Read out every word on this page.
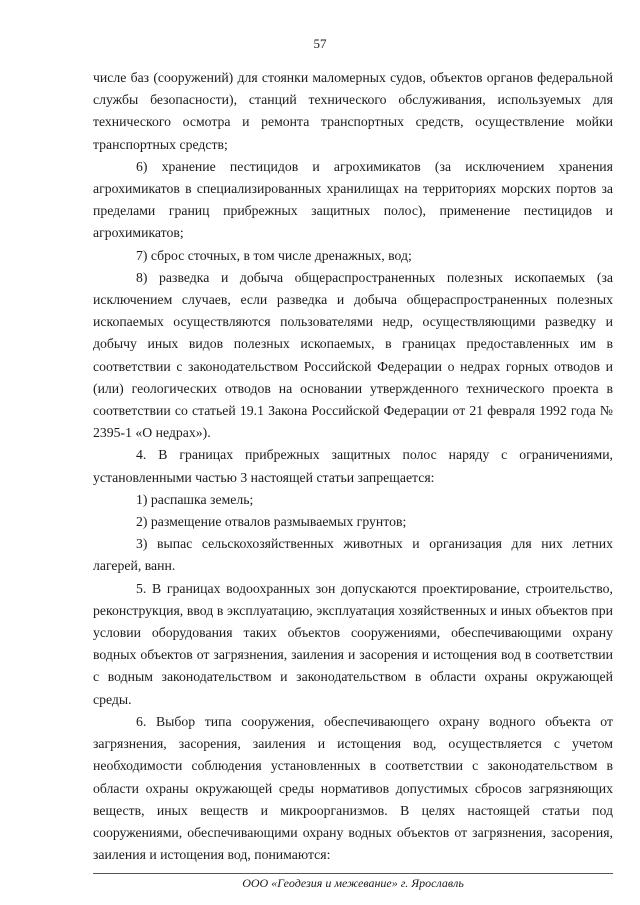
57

числе баз (сооружений) для стоянки маломерных судов, объектов органов федеральной службы безопасности), станций технического обслуживания, используемых для технического осмотра и ремонта транспортных средств, осуществление мойки транспортных средств;

6) хранение пестицидов и агрохимикатов (за исключением хранения агрохимикатов в специализированных хранилищах на территориях морских портов за пределами границ прибрежных защитных полос), применение пестицидов и агрохимикатов;

7) сброс сточных, в том числе дренажных, вод;

8) разведка и добыча общераспространенных полезных ископаемых (за исключением случаев, если разведка и добыча общераспространенных полезных ископаемых осуществляются пользователями недр, осуществляющими разведку и добычу иных видов полезных ископаемых, в границах предоставленных им в соответствии с законодательством Российской Федерации о недрах горных отводов и (или) геологических отводов на основании утвержденного технического проекта в соответствии со статьей 19.1 Закона Российской Федерации от 21 февраля 1992 года № 2395-1 «О недрах»).

4. В границах прибрежных защитных полос наряду с ограничениями, установленными частью 3 настоящей статьи запрещается:

1) распашка земель;

2) размещение отвалов размываемых грунтов;

3) выпас сельскохозяйственных животных и организация для них летних лагерей, ванн.

5. В границах водоохранных зон допускаются проектирование, строительство, реконструкция, ввод в эксплуатацию, эксплуатация хозяйственных и иных объектов при условии оборудования таких объектов сооружениями, обеспечивающими охрану водных объектов от загрязнения, заиления и засорения и истощения вод в соответствии с водным законодательством и законодательством в области охраны окружающей среды.

6. Выбор типа сооружения, обеспечивающего охрану водного объекта от загрязнения, засорения, заиления и истощения вод, осуществляется с учетом необходимости соблюдения установленных в соответствии с законодательством в области охраны окружающей среды нормативов допустимых сбросов загрязняющих веществ, иных веществ и микроорганизмов. В целях настоящей статьи под сооружениями, обеспечивающими охрану водных объектов от загрязнения, засорения, заиления и истощения вод, понимаются:

ООО «Геодезия и межевание» г. Ярославль
